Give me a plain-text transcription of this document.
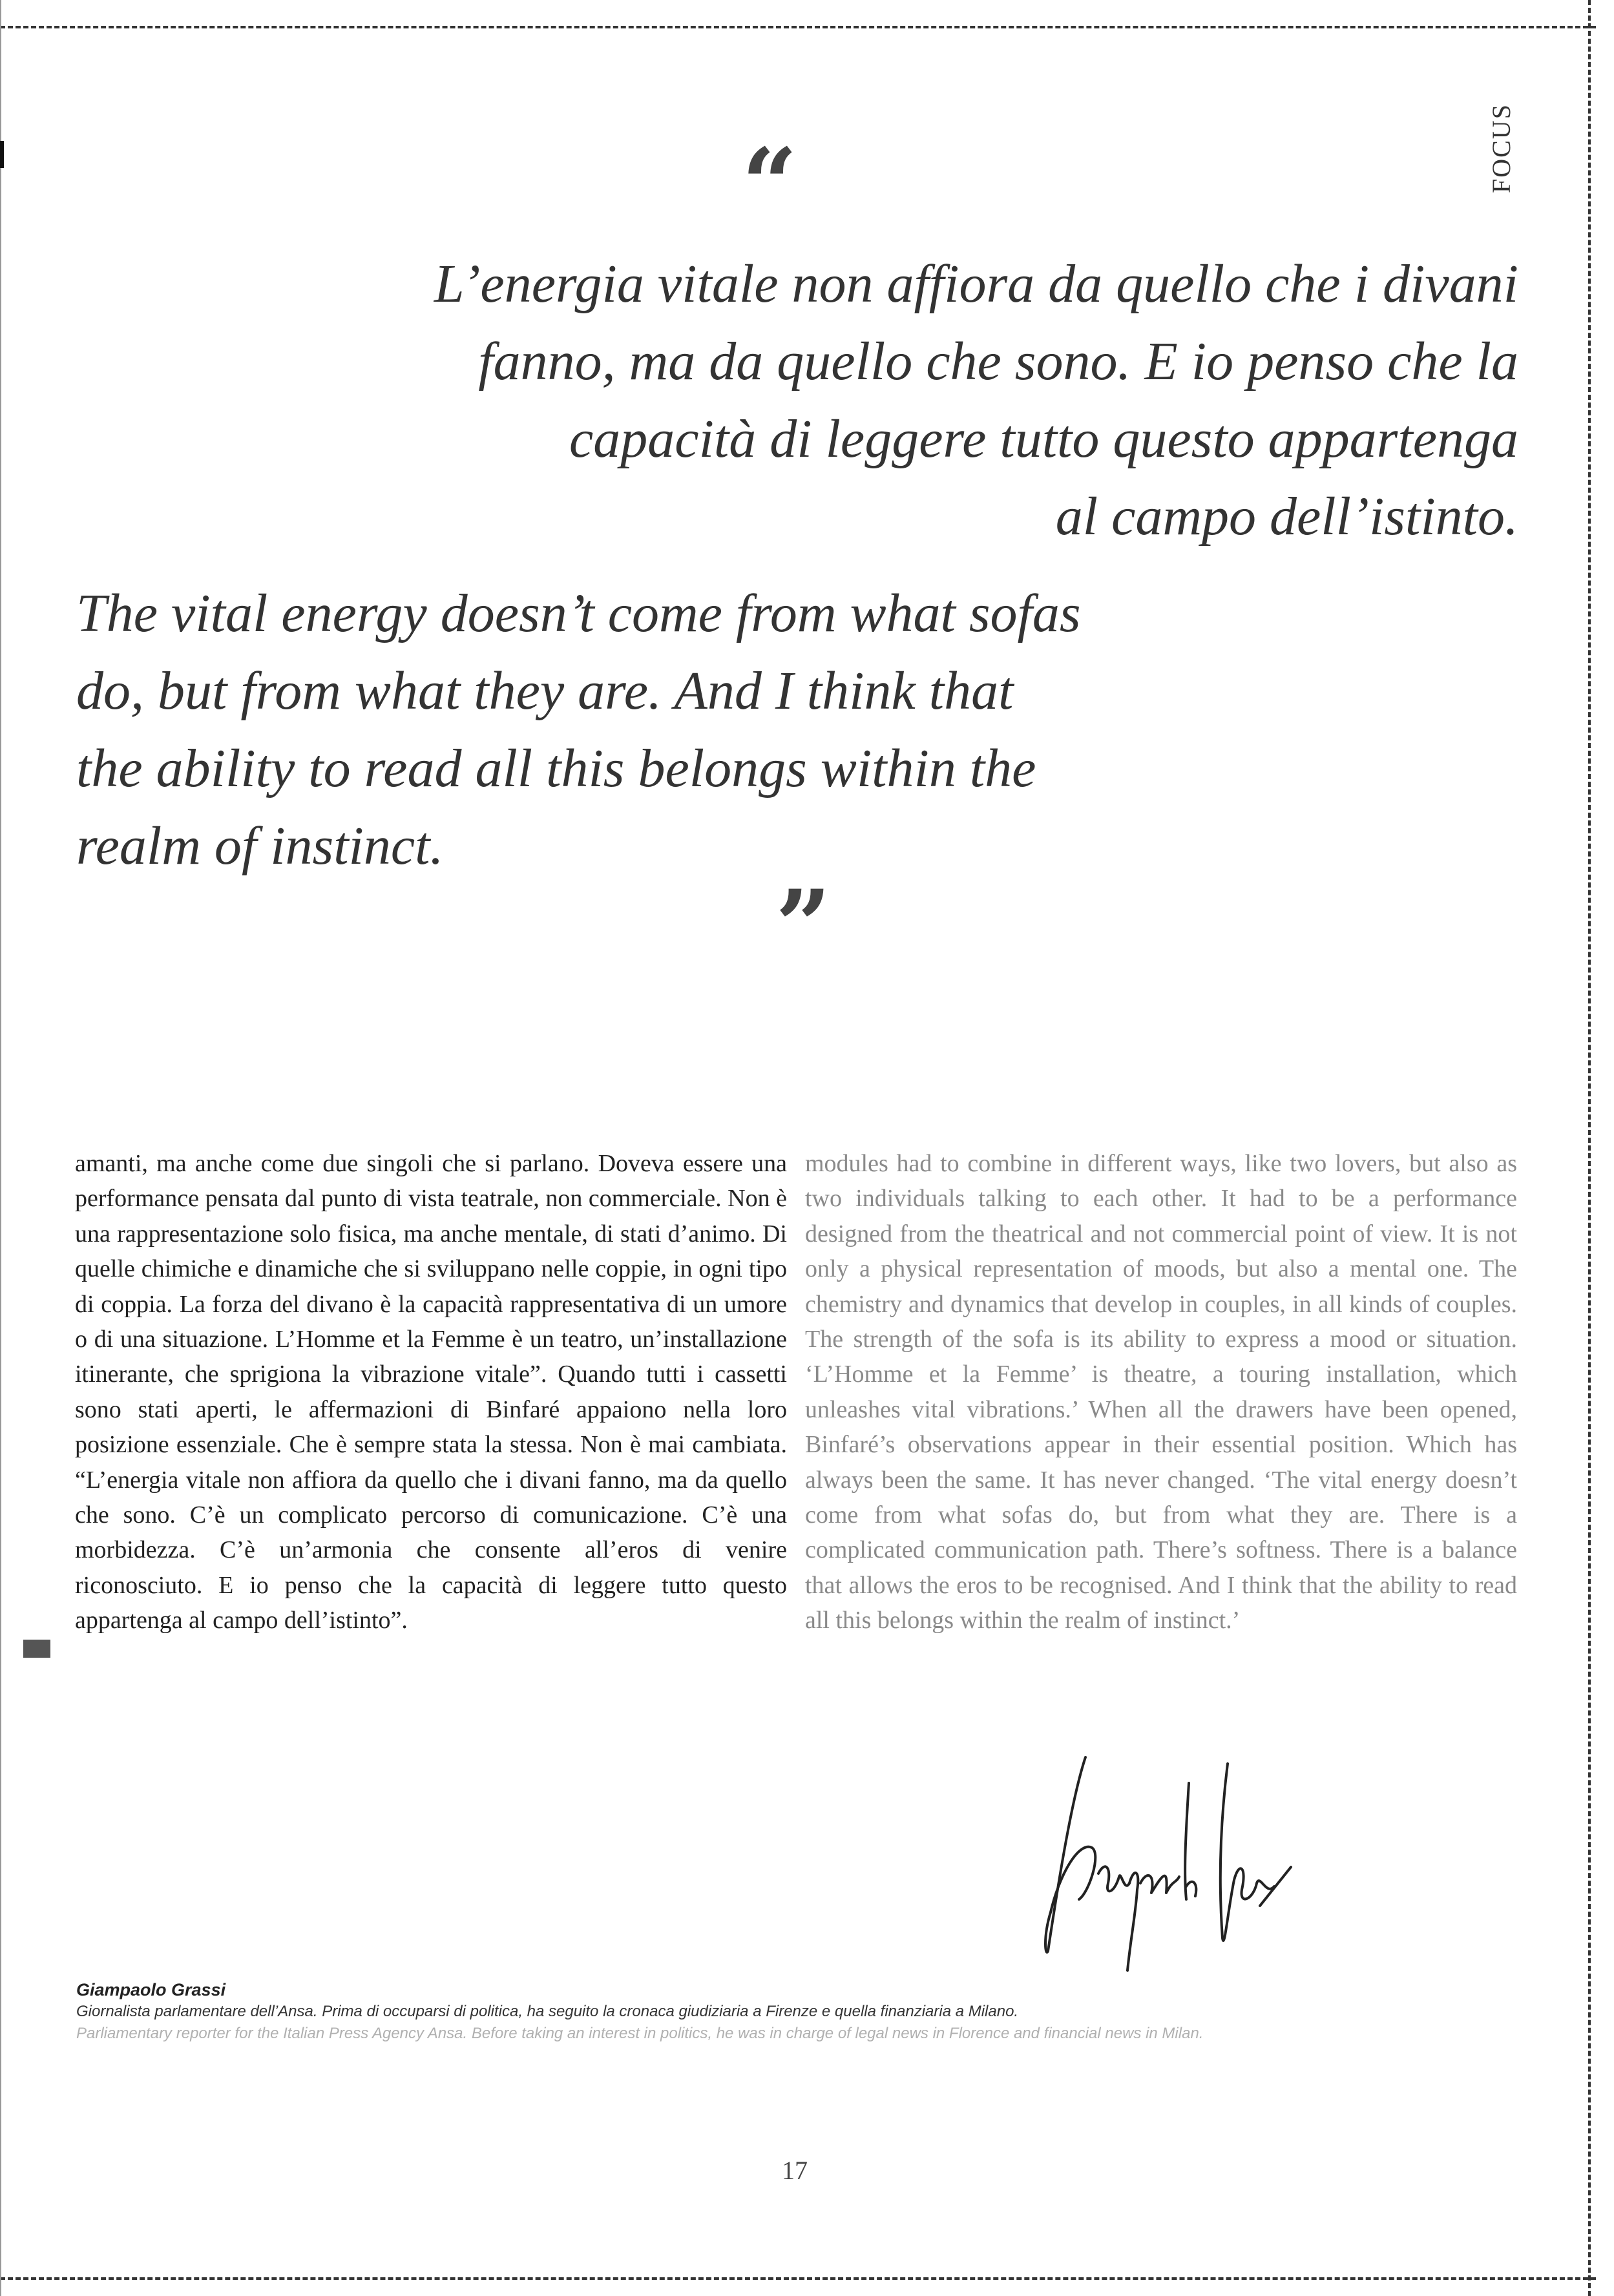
FOCUS
“
L’energia vitale non affiora da quello che i divani
fanno, ma da quello che sono. E io penso che la
capacità di leggere tutto questo appartenga
al campo dell’istinto.
The vital energy doesn’t come from what sofas
do, but from what they are. And I think that
the ability to read all this belongs within the
realm of instinct.
”
amanti, ma anche come due singoli che si parlano. Doveva essere una performance pensata dal punto di vista teatrale, non commerciale. Non è una rappresentazione solo fisica, ma anche mentale, di stati d’animo. Di quelle chimiche e dinamiche che si sviluppano nelle coppie, in ogni tipo di coppia. La forza del divano è la capacità rappresentativa di un umore o di una situazione. L’Homme et la Femme è un teatro, un’installazione itinerante, che sprigiona la vibrazione vitale”. Quando tutti i cassetti sono stati aperti, le affermazioni di Binfaré appaiono nella loro posizione essenziale. Che è sempre stata la stessa. Non è mai cambiata. “L’energia vitale non affiora da quello che i divani fanno, ma da quello che sono. C’è un complicato percorso di comunicazione. C’è una morbidezza. C’è un’armonia che consente all’eros di venire riconosciuto. E io penso che la capacità di leggere tutto questo appartenga al campo dell’istinto”.
modules had to combine in different ways, like two lovers, but also as two individuals talking to each other. It had to be a performance designed from the theatrical and not commercial point of view. It is not only a physical representation of moods, but also a mental one. The chemistry and dynamics that develop in couples, in all kinds of couples. The strength of the sofa is its ability to express a mood or situation. ‘L’Homme et la Femme’ is theatre, a touring installation, which unleashes vital vibrations.’ When all the drawers have been opened, Binfaré’s observations appear in their essential position. Which has always been the same. It has never changed. ‘The vital energy doesn’t come from what sofas do, but from what they are. There is a complicated communication path. There’s softness. There is a balance that allows the eros to be recognised. And I think that the ability to read all this belongs within the realm of instinct.’
Giampaolo Grassi
Giornalista parlamentare dell’Ansa. Prima di occuparsi di politica, ha seguito la cronaca giudiziaria a Firenze e quella finanziaria a Milano.
Parliamentary reporter for the Italian Press Agency Ansa. Before taking an interest in politics, he was in charge of legal news in Florence and financial news in Milan.
17
